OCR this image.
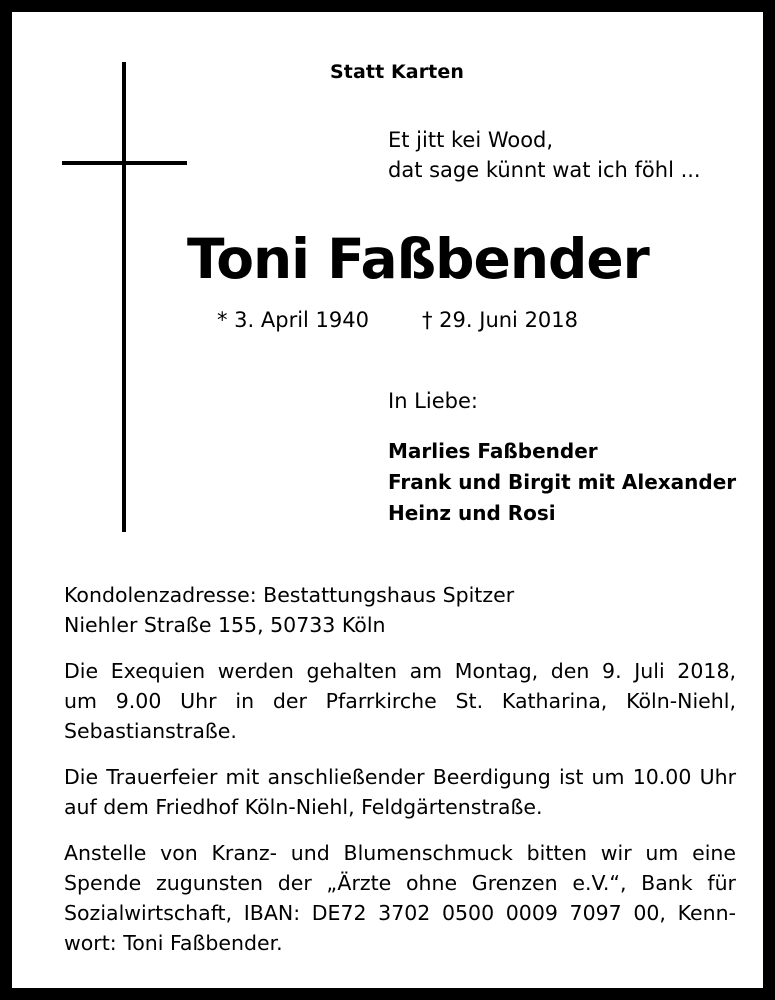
Statt Karten
Et jitt kei Wood,
dat sage künnt wat ich föhl ...
Toni Faßbender
* 3. April 1940	† 29. Juni 2018
In Liebe:
Marlies Faßbender
Frank und Birgit mit Alexander
Heinz und Rosi

Kondolenzadresse: Bestattungshaus Spitzer
Niehler Straße 155, 50733 Köln

Die Exequien werden gehalten am Montag, den 9. Juli 2018,
um 9.00 Uhr in der Pfarrkirche St. Katharina, Köln-Niehl,
Sebastianstraße.

Die Trauerfeier mit anschließender Beerdigung ist um 10.00 Uhr
auf dem Friedhof Köln-Niehl, Feldgärtenstraße.

Anstelle von Kranz- und Blumenschmuck bitten wir um eine
Spende zugunsten der „Ärzte ohne Grenzen e.V.“, Bank für
Sozialwirtschaft, IBAN: DE72 3702 0500 0009 7097 00, Kenn-
wort: Toni Faßbender.
